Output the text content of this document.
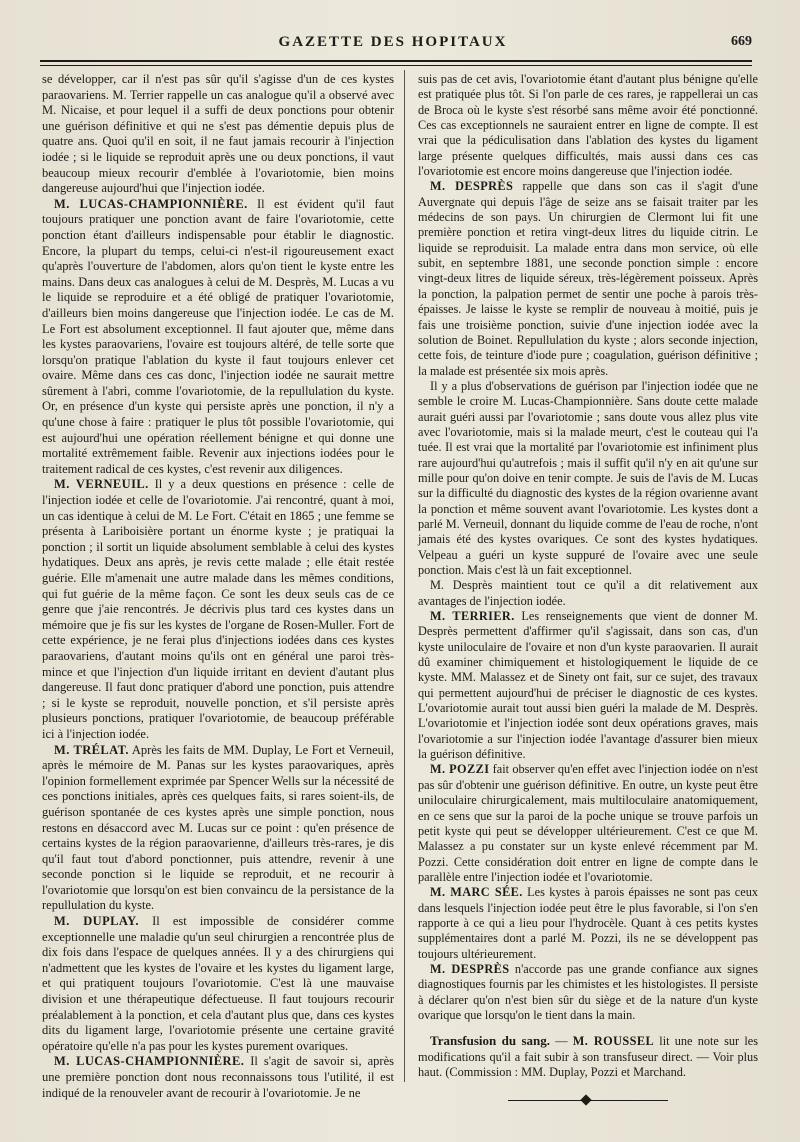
GAZETTE DES HOPITAUX	669

se développer, car il n'est pas sûr qu'il s'agisse d'un de ces kystes paraovariens. M. Terrier rappelle un cas analogue qu'il a observé avec M. Nicaise, et pour lequel il a suffi de deux ponctions pour obtenir une guérison définitive et qui ne s'est pas démentie depuis plus de quatre ans. Quoi qu'il en soit, il ne faut jamais recourir à l'injection iodée ; si le liquide se reproduit après une ou deux ponctions, il vaut beaucoup mieux recourir d'emblée à l'ovariotomie, bien moins dangereuse aujourd'hui que l'injection iodée.

M. LUCAS-CHAMPIONNIÈRE. Il est évident qu'il faut toujours pratiquer une ponction avant de faire l'ovariotomie, cette ponction étant d'ailleurs indispensable pour établir le diagnostic. Encore, la plupart du temps, celui-ci n'est-il rigoureusement exact qu'après l'ouverture de l'abdomen, alors qu'on tient le kyste entre les mains. Dans deux cas analogues à celui de M. Desprès, M. Lucas a vu le liquide se reproduire et a été obligé de pratiquer l'ovariotomie, d'ailleurs bien moins dangereuse que l'injection iodée. Le cas de M. Le Fort est absolument exceptionnel. Il faut ajouter que, même dans les kystes paraovariens, l'ovaire est toujours altéré, de telle sorte que lorsqu'on pratique l'ablation du kyste il faut toujours enlever cet ovaire. Même dans ces cas donc, l'injection iodée ne saurait mettre sûrement à l'abri, comme l'ovariotomie, de la repullulation du kyste. Or, en présence d'un kyste qui persiste après une ponction, il n'y a qu'une chose à faire : pratiquer le plus tôt possible l'ovariotomie, qui est aujourd'hui une opération réellement bénigne et qui donne une mortalité extrêmement faible. Revenir aux injections iodées pour le traitement radical de ces kystes, c'est revenir aux diligences.

M. VERNEUIL. Il y a deux questions en présence : celle de l'injection iodée et celle de l'ovariotomie. J'ai rencontré, quant à moi, un cas identique à celui de M. Le Fort. C'était en 1865 ; une femme se présenta à Lariboisière portant un énorme kyste ; je pratiquai la ponction ; il sortit un liquide absolument semblable à celui des kystes hydatiques. Deux ans après, je revis cette malade ; elle était restée guérie. Elle m'amenait une autre malade dans les mêmes conditions, qui fut guérie de la même façon. Ce sont les deux seuls cas de ce genre que j'aie rencontrés. Je décrivis plus tard ces kystes dans un mémoire que je fis sur les kystes de l'organe de Rosen-Muller. Fort de cette expérience, je ne ferai plus d'injections iodées dans ces kystes paraovariens, d'autant moins qu'ils ont en général une paroi très-mince et que l'injection d'un liquide irritant en devient d'autant plus dangereuse. Il faut donc pratiquer d'abord une ponction, puis attendre ; si le kyste se reproduit, nouvelle ponction, et s'il persiste après plusieurs ponctions, pratiquer l'ovariotomie, de beaucoup préférable ici à l'injection iodée.

M. TRÉLAT. Après les faits de MM. Duplay, Le Fort et Verneuil, après le mémoire de M. Panas sur les kystes paraovariques, après l'opinion formellement exprimée par Spencer Wells sur la nécessité de ces ponctions initiales, après ces quelques faits, si rares soient-ils, de guérison spontanée de ces kystes après une simple ponction, nous restons en désaccord avec M. Lucas sur ce point : qu'en présence de certains kystes de la région paraovarienne, d'ailleurs très-rares, je dis qu'il faut tout d'abord ponctionner, puis attendre, revenir à une seconde ponction si le liquide se reproduit, et ne recourir à l'ovariotomie que lorsqu'on est bien convaincu de la persistance de la repullulation du kyste.

M. DUPLAY. Il est impossible de considérer comme exceptionnelle une maladie qu'un seul chirurgien a rencontrée plus de dix fois dans l'espace de quelques années. Il y a des chirurgiens qui n'admettent que les kystes de l'ovaire et les kystes du ligament large, et qui pratiquent toujours l'ovariotomie. C'est là une mauvaise division et une thérapeutique défectueuse. Il faut toujours recourir préalablement à la ponction, et cela d'autant plus que, dans ces kystes dits du ligament large, l'ovariotomie présente une certaine gravité opératoire qu'elle n'a pas pour les kystes purement ovariques.

M. LUCAS-CHAMPIONNIÈRE. Il s'agit de savoir si, après une première ponction dont nous reconnaissons tous l'utilité, il est indiqué de la renouveler avant de recourir à l'ovariotomie. Je ne

suis pas de cet avis, l'ovariotomie étant d'autant plus bénigne qu'elle est pratiquée plus tôt. Si l'on parle de ces rares, je rappellerai un cas de Broca où le kyste s'est résorbé sans même avoir été ponctionné. Ces cas exceptionnels ne sauraient entrer en ligne de compte. Il est vrai que la pédiculisation dans l'ablation des kystes du ligament large présente quelques difficultés, mais aussi dans ces cas l'ovariotomie est encore moins dangereuse que l'injection iodée.

M. DESPRÈS rappelle que dans son cas il s'agit d'une Auvergnate qui depuis l'âge de seize ans se faisait traiter par les médecins de son pays. Un chirurgien de Clermont lui fit une première ponction et retira vingt-deux litres du liquide citrin. Le liquide se reproduisit. La malade entra dans mon service, où elle subit, en septembre 1881, une seconde ponction simple : encore vingt-deux litres de liquide séreux, très-légèrement poisseux. Après la ponction, la palpation permet de sentir une poche à parois très-épaisses. Je laisse le kyste se remplir de nouveau à moitié, puis je fais une troisième ponction, suivie d'une injection iodée avec la solution de Boinet. Repullulation du kyste ; alors seconde injection, cette fois, de teinture d'iode pure ; coagulation, guérison définitive ; la malade est présentée six mois après.

Il y a plus d'observations de guérison par l'injection iodée que ne semble le croire M. Lucas-Championnière. Sans doute cette malade aurait guéri aussi par l'ovariotomie ; sans doute vous allez plus vite avec l'ovariotomie, mais si la malade meurt, c'est le couteau qui l'a tuée. Il est vrai que la mortalité par l'ovariotomie est infiniment plus rare aujourd'hui qu'autrefois ; mais il suffit qu'il n'y en ait qu'une sur mille pour qu'on doive en tenir compte. Je suis de l'avis de M. Lucas sur la difficulté du diagnostic des kystes de la région ovarienne avant la ponction et même souvent avant l'ovariotomie. Les kystes dont a parlé M. Verneuil, donnant du liquide comme de l'eau de roche, n'ont jamais été des kystes ovariques. Ce sont des kystes hydatiques. Velpeau a guéri un kyste suppuré de l'ovaire avec une seule ponction. Mais c'est là un fait exceptionnel.

M. Desprès maintient tout ce qu'il a dit relativement aux avantages de l'injection iodée.

M. TERRIER. Les renseignements que vient de donner M. Desprès permettent d'affirmer qu'il s'agissait, dans son cas, d'un kyste uniloculaire de l'ovaire et non d'un kyste paraovarien. Il aurait dû examiner chimiquement et histologiquement le liquide de ce kyste. MM. Malassez et de Sinety ont fait, sur ce sujet, des travaux qui permettent aujourd'hui de préciser le diagnostic de ces kystes. L'ovariotomie aurait tout aussi bien guéri la malade de M. Desprès. L'ovariotomie et l'injection iodée sont deux opérations graves, mais l'ovariotomie a sur l'injection iodée l'avantage d'assurer bien mieux la guérison définitive.

M. POZZI fait observer qu'en effet avec l'injection iodée on n'est pas sûr d'obtenir une guérison définitive. En outre, un kyste peut être uniloculaire chirurgicalement, mais multiloculaire anatomiquement, en ce sens que sur la paroi de la poche unique se trouve parfois un petit kyste qui peut se développer ultérieurement. C'est ce que M. Malassez a pu constater sur un kyste enlevé récemment par M. Pozzi. Cette considération doit entrer en ligne de compte dans le parallèle entre l'injection iodée et l'ovariotomie.

M. MARC SÉE. Les kystes à parois épaisses ne sont pas ceux dans lesquels l'injection iodée peut être le plus favorable, si l'on s'en rapporte à ce qui a lieu pour l'hydrocèle. Quant à ces petits kystes supplémentaires dont a parlé M. Pozzi, ils ne se développent pas toujours ultérieurement.

M. DESPRÈS n'accorde pas une grande confiance aux signes diagnostiques fournis par les chimistes et les histologistes. Il persiste à déclarer qu'on n'est bien sûr du siège et de la nature d'un kyste ovarique que lorsqu'on le tient dans la main.

Transfusion du sang. — M. ROUSSEL lit une note sur les modifications qu'il a fait subir à son transfuseur direct. — Voir plus haut. (Commission : MM. Duplay, Pozzi et Marchand.
